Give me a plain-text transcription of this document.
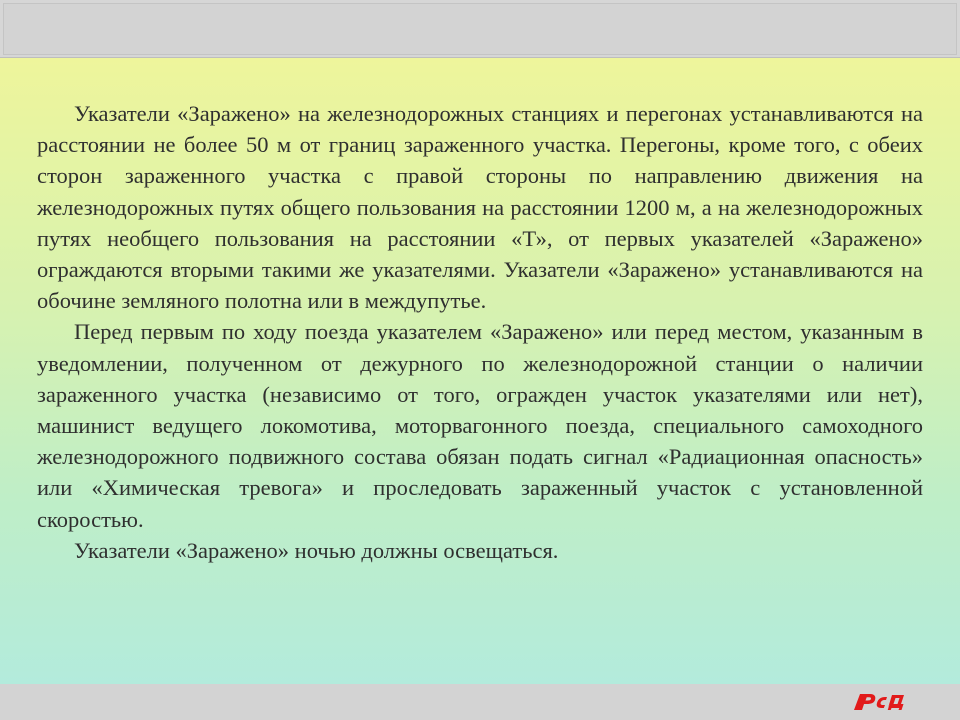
Указатели «Заражено» на железнодорожных станциях и перегонах устанавливаются на расстоянии не более 50 м от границ зараженного участка. Перегоны, кроме того, с обеих сторон зараженного участка с правой стороны по направлению движения на железнодорожных путях общего пользования на расстоянии 1200 м, а на железнодорожных путях необщего пользования на расстоянии «Т», от первых указателей «Заражено» ограждаются вторыми такими же указателями. Указатели «Заражено» устанавливаются на обочине земляного полотна или в междупутье.

Перед первым по ходу поезда указателем «Заражено» или перед местом, указанным в уведомлении, полученном от дежурного по железнодорожной станции о наличии зараженного участка (независимо от того, огражден участок указателями или нет), машинист ведущего локомотива, моторвагонного поезда, специального самоходного железнодорожного подвижного состава обязан подать сигнал «Радиационная опасность» или «Химическая тревога» и проследовать зараженный участок с установленной скоростью.

Указатели «Заражено» ночью должны освещаться.
